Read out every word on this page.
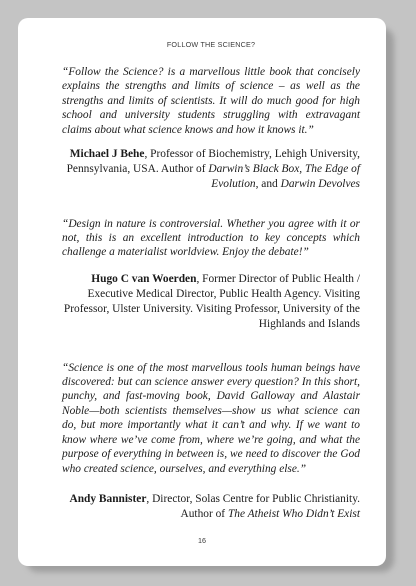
FOLLOW THE SCIENCE?

“Follow the Science? is a marvellous little book that concisely explains the strengths and limits of science – as well as the strengths and limits of scientists. It will do much good for high school and university students struggling with extravagant claims about what science knows and how it knows it.”

Michael J Behe, Professor of Biochemistry, Lehigh University, Pennsylvania, USA. Author of Darwin’s Black Box, The Edge of Evolution, and Darwin Devolves

“Design in nature is controversial. Whether you agree with it or not, this is an excellent introduction to key concepts which challenge a materialist worldview. Enjoy the debate!”

Hugo C van Woerden, Former Director of Public Health / Executive Medical Director, Public Health Agency. Visiting Professor, Ulster University. Visiting Professor, University of the Highlands and Islands

“Science is one of the most marvellous tools human beings have discovered: but can science answer every question? In this short, punchy, and fast-moving book, David Galloway and Alastair Noble—both scientists themselves—show us what science can do, but more importantly what it can’t and why. If we want to know where we’ve come from, where we’re going, and what the purpose of everything in between is, we need to discover the God who created science, ourselves, and everything else.”

Andy Bannister, Director, Solas Centre for Public Christianity. Author of The Atheist Who Didn’t Exist

16
